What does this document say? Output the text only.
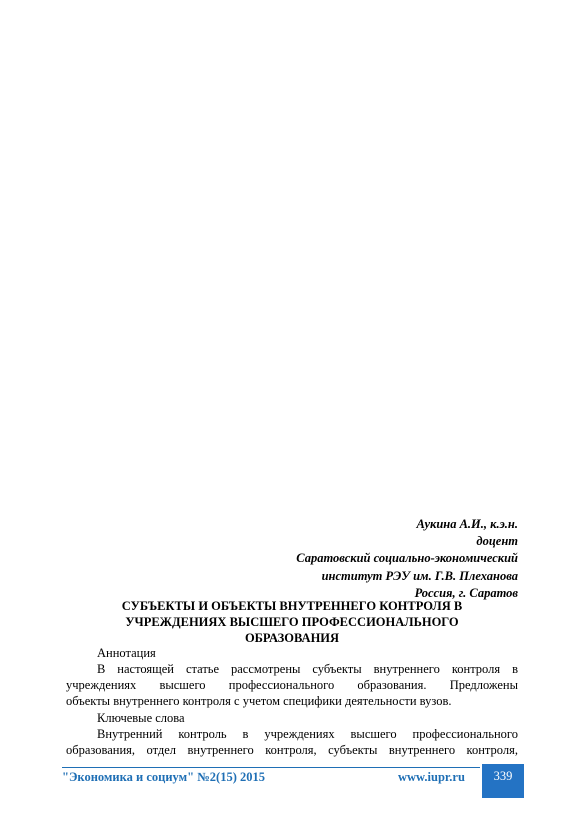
Аукина А.И., к.э.н.
доцент
Саратовский социально-экономический
институт РЭУ им. Г.В. Плеханова
Россия, г. Саратов
СУБЪЕКТЫ И ОБЪЕКТЫ ВНУТРЕННЕГО КОНТРОЛЯ В
УЧРЕЖДЕНИЯХ ВЫСШЕГО ПРОФЕССИОНАЛЬНОГО
ОБРАЗОВАНИЯ
Аннотация
В настоящей статье рассмотрены субъекты внутреннего контроля в
учреждениях высшего профессионального образования. Предложены
объекты внутреннего контроля с учетом специфики деятельности вузов.
Ключевые слова
Внутренний контроль в учреждениях высшего профессионального
образования, отдел внутреннего контроля, субъекты внутреннего контроля,
"Экономика и социум" №2(15) 2015	www.iupr.ru	339
